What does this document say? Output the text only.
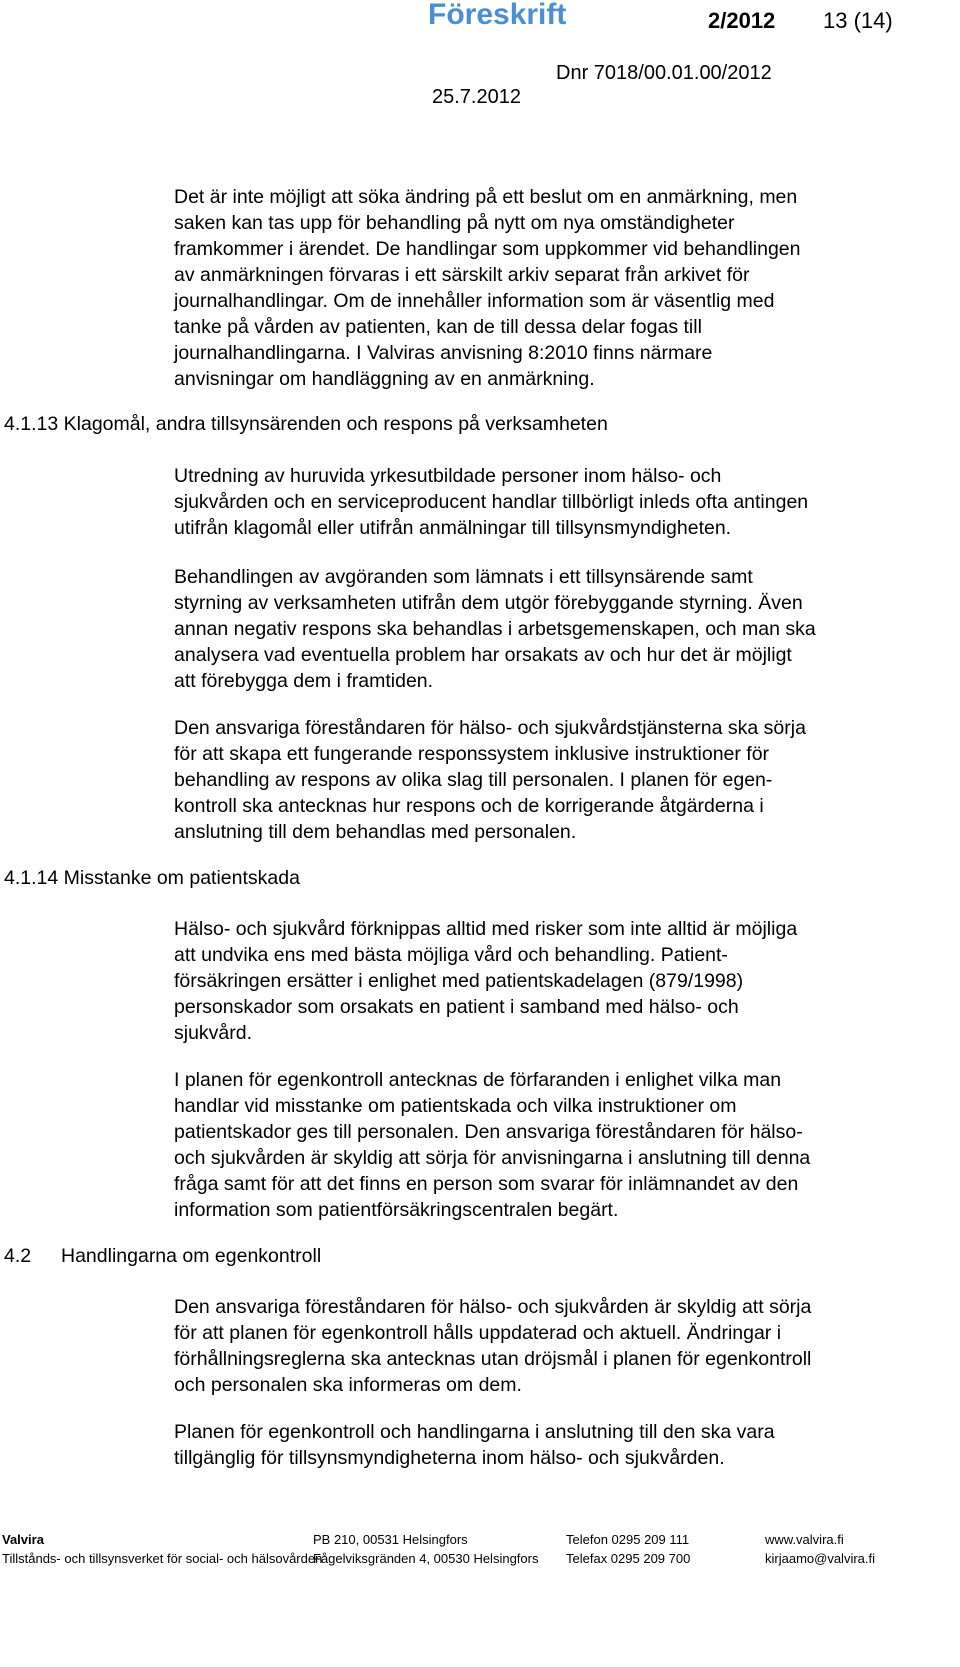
Föreskrift	2/2012 13 (14)
Dnr 7018/00.01.00/2012
25.7.2012
Det är inte möjligt att söka ändring på ett beslut om en anmärkning, men
saken kan tas upp för behandling på nytt om nya omständigheter
framkommer i ärendet. De handlingar som uppkommer vid behandlingen
av anmärkningen förvaras i ett särskilt arkiv separat från arkivet för
journalhandlingar. Om de innehåller information som är väsentlig med
tanke på vården av patienten, kan de till dessa delar fogas till
journalhandlingarna. I Valviras anvisning 8:2010 finns närmare
anvisningar om handläggning av en anmärkning.
4.1.13 Klagomål, andra tillsynsärenden och respons på verksamheten
Utredning av huruvida yrkesutbildade personer inom hälso- och
sjukvården och en serviceproducent handlar tillbörligt inleds ofta antingen
utifrån klagomål eller utifrån anmälningar till tillsynsmyndigheten.
Behandlingen av avgöranden som lämnats i ett tillsynsärende samt
styrning av verksamheten utifrån dem utgör förebyggande styrning. Även
annan negativ respons ska behandlas i arbetsgemenskapen, och man ska
analysera vad eventuella problem har orsakats av och hur det är möjligt
att förebygga dem i framtiden.
Den ansvariga föreståndaren för hälso- och sjukvårdstjänsterna ska sörja
för att skapa ett fungerande responssystem inklusive instruktioner för
behandling av respons av olika slag till personalen. I planen för egen-
kontroll ska antecknas hur respons och de korrigerande åtgärderna i
anslutning till dem behandlas med personalen.
4.1.14 Misstanke om patientskada
Hälso- och sjukvård förknippas alltid med risker som inte alltid är möjliga
att undvika ens med bästa möjliga vård och behandling. Patient-
försäkringen ersätter i enlighet med patientskadelagen (879/1998)
personskador som orsakats en patient i samband med hälso- och
sjukvård.
I planen för egenkontroll antecknas de förfaranden i enlighet vilka man
handlar vid misstanke om patientskada och vilka instruktioner om
patientskador ges till personalen. Den ansvariga föreståndaren för hälso-
och sjukvården är skyldig att sörja för anvisningarna i anslutning till denna
fråga samt för att det finns en person som svarar för inlämnandet av den
information som patientförsäkringscentralen begärt.
4.2 Handlingarna om egenkontroll
Den ansvariga föreståndaren för hälso- och sjukvården är skyldig att sörja
för att planen för egenkontroll hålls uppdaterad och aktuell. Ändringar i
förhållningsreglerna ska antecknas utan dröjsmål i planen för egenkontroll
och personalen ska informeras om dem.
Planen för egenkontroll och handlingarna i anslutning till den ska vara
tillgänglig för tillsynsmyndigheterna inom hälso- och sjukvården.
Valvira
Tillstånds- och tillsynsverket för social- och hälsovården
PB 210, 00531 Helsingfors
Fågelviksgränden 4, 00530 Helsingfors
Telefon 0295 209 111
Telefax 0295 209 700
www.valvira.fi
kirjaamo@valvira.fi
